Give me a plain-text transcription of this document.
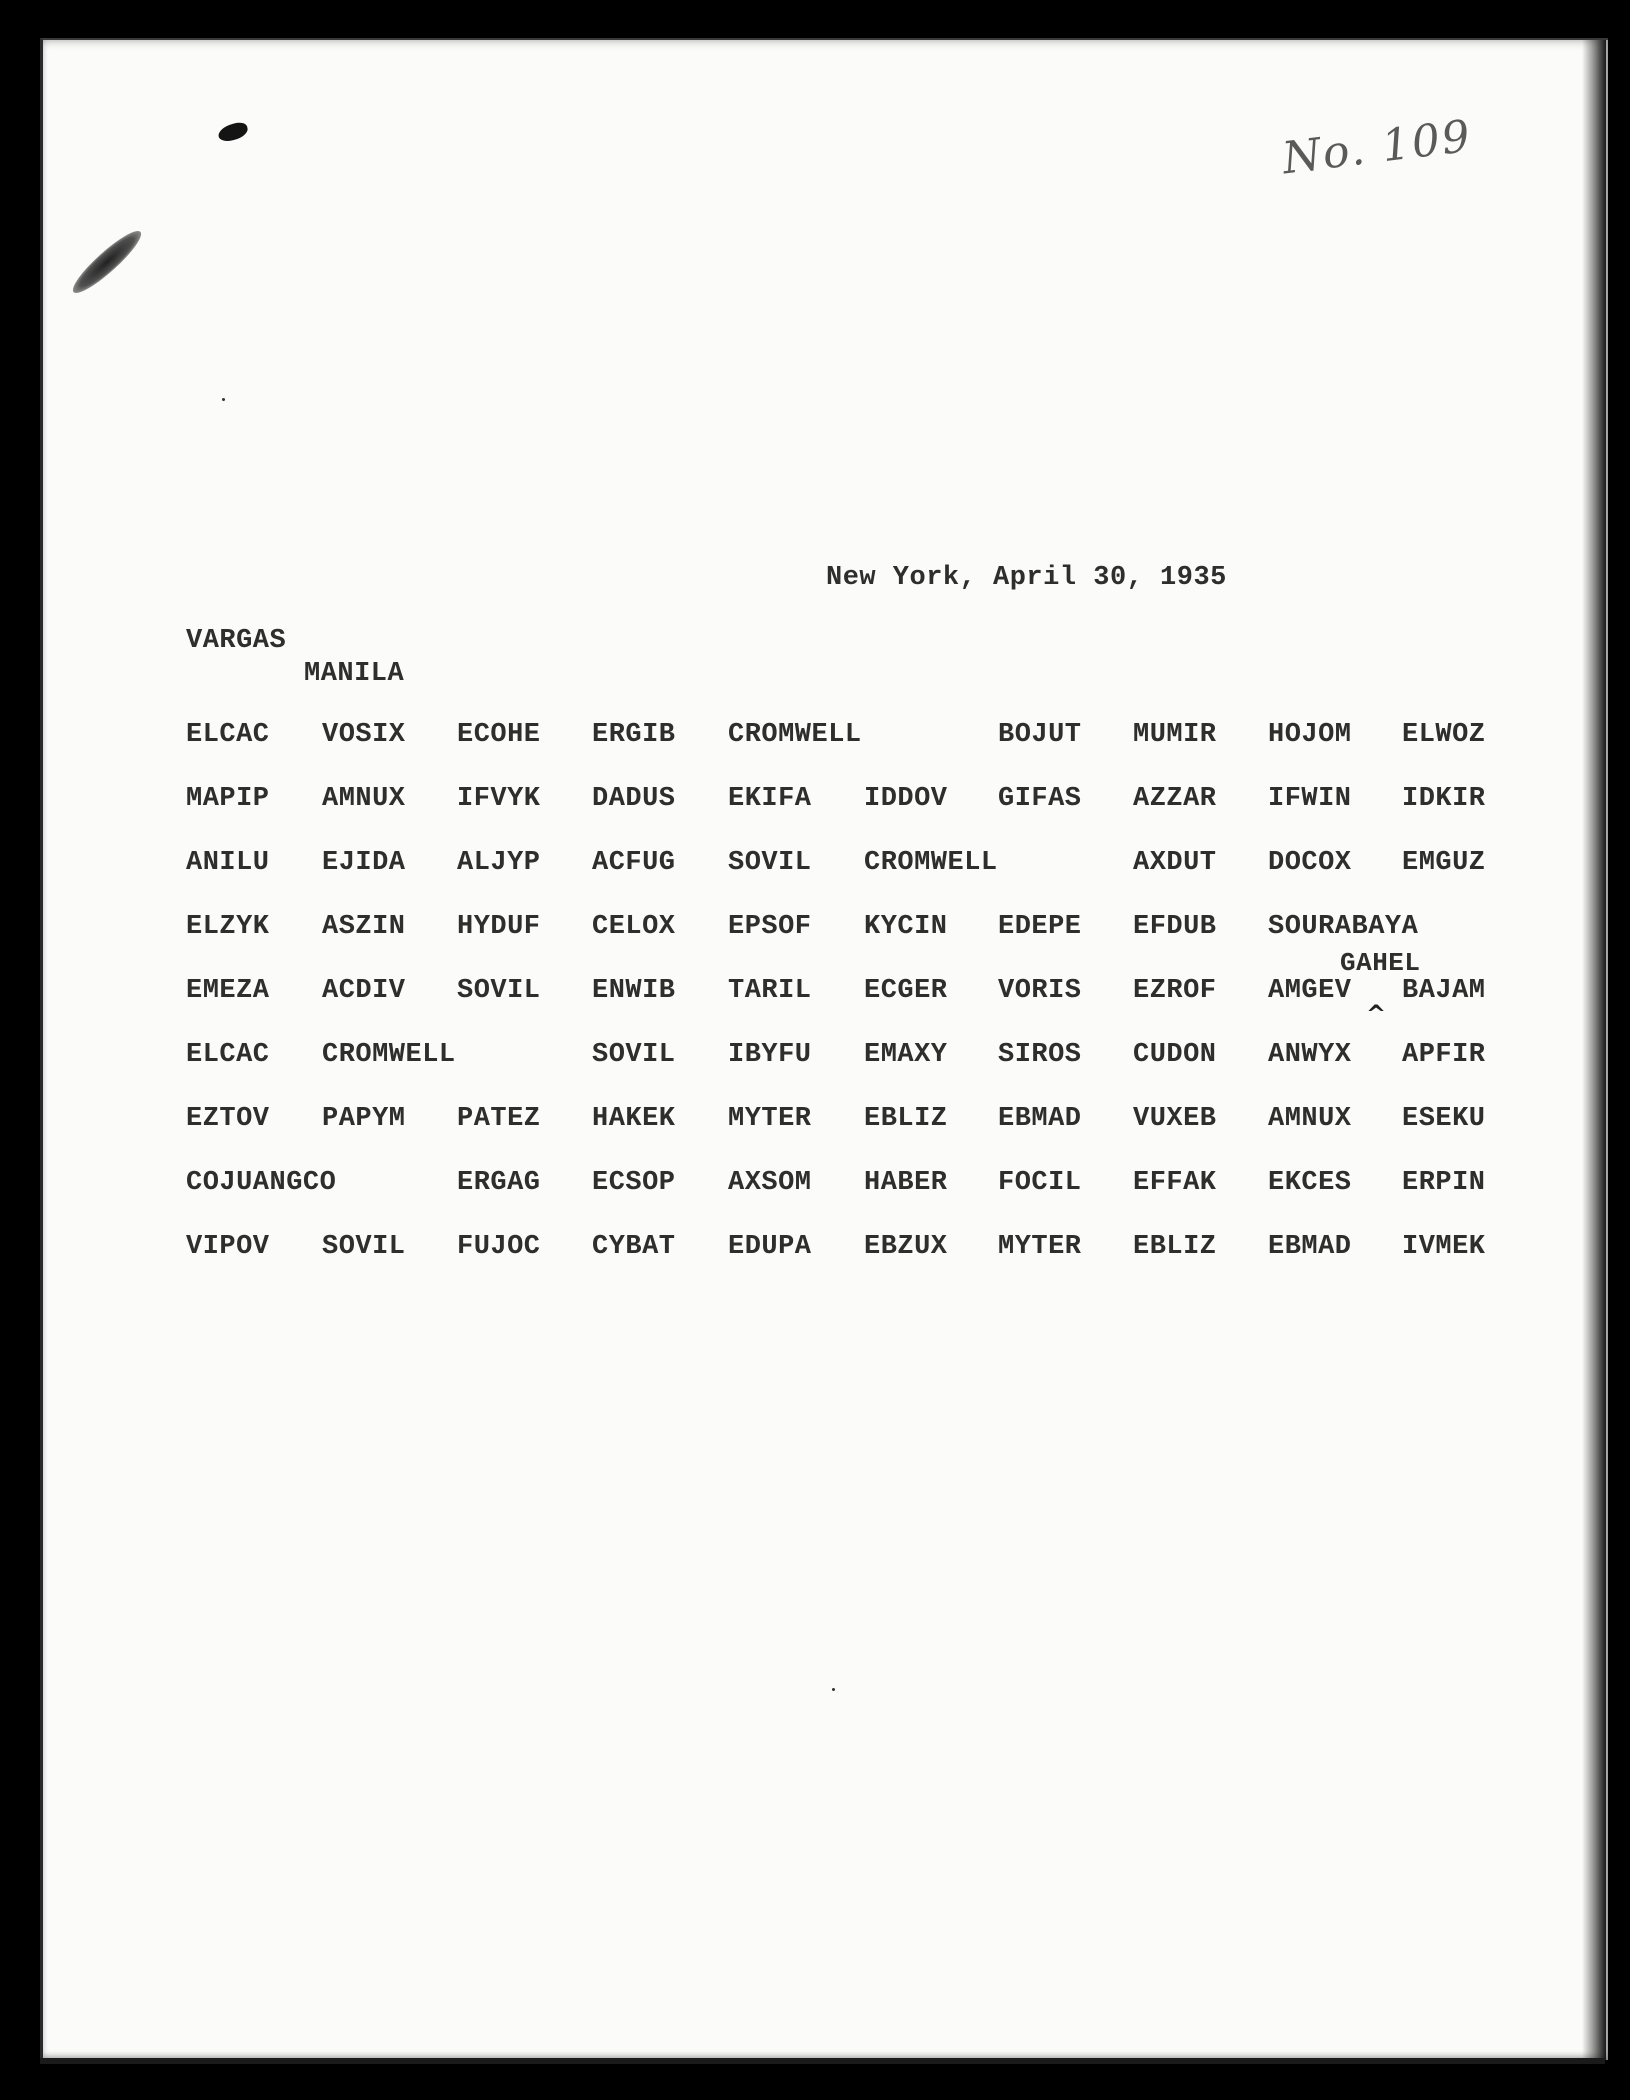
No. 109
New York, April 30, 1935
VARGAS
MANILA
ELCAC VOSIX ECOHE ERGIB CROMWELL	BOJUT MUMIR HOJOM ELWOZ
MAPIP AMNUX IFVYK DADUS EKIFA IDDOV GIFAS AZZAR IFWIN IDKIR
ANILU EJIDA ALJYP ACFUG SOVIL CROMWELL	AXDUT DOCOX EMGUZ
ELZYK ASZIN HYDUF CELOX EPSOF KYCIN EDEPE EFDUB SOURABAYA
EMEZA ACDIV SOVIL ENWIB TARIL ECGER VORIS EZROF AMGEV BAJAM
ELCAC CROMWELL	SOVIL IBYFU EMAXY SIROS CUDON ANWYX APFIR
EZTOV PAPYM PATEZ HAKEK MYTER EBLIZ EBMAD VUXEB AMNUX ESEKU
COJUANGCO	ERGAG ECSOP AXSOM HABER FOCIL EFFAK EKCES ERPIN
VIPOV SOVIL FUJOC CYBAT EDUPA EBZUX MYTER EBLIZ EBMAD IVMEK
GAHEL
^
